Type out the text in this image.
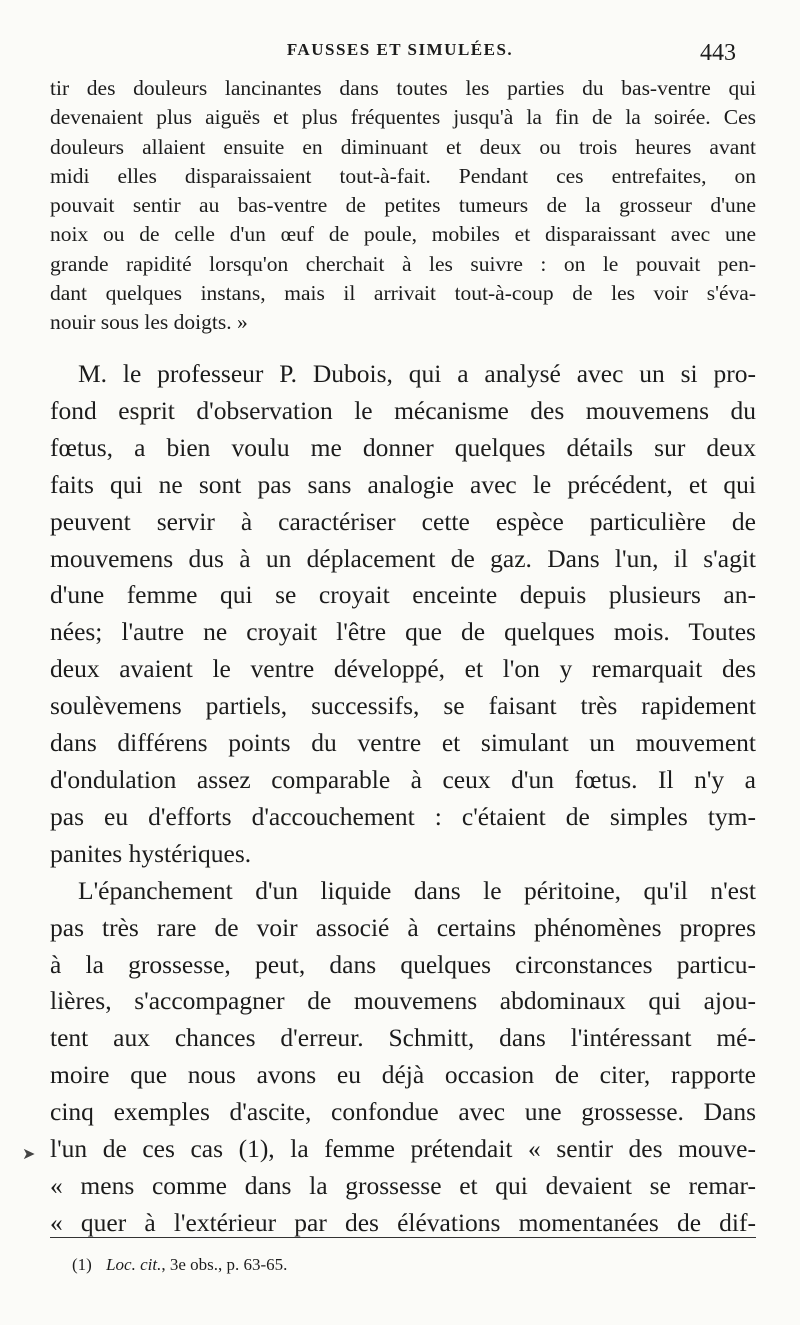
FAUSSES ET SIMULÉES.	443
tir des douleurs lancinantes dans toutes les parties du bas-ventre qui
devenaient plus aiguës et plus fréquentes jusqu'à la fin de la soirée. Ces
douleurs allaient ensuite en diminuant et deux ou trois heures avant
midi elles disparaissaient tout-à-fait. Pendant ces entrefaites, on
pouvait sentir au bas-ventre de petites tumeurs de la grosseur d'une
noix ou de celle d'un œuf de poule, mobiles et disparaissant avec une
grande rapidité lorsqu'on cherchait à les suivre : on le pouvait pen-
dant quelques instans, mais il arrivait tout-à-coup de les voir s'éva-
nouir sous les doigts. »
M. le professeur P. Dubois, qui a analysé avec un si pro-
fond esprit d'observation le mécanisme des mouvemens du
fœtus, a bien voulu me donner quelques détails sur deux
faits qui ne sont pas sans analogie avec le précédent, et qui
peuvent servir à caractériser cette espèce particulière de
mouvemens dus à un déplacement de gaz. Dans l'un, il s'agit
d'une femme qui se croyait enceinte depuis plusieurs an-
nées; l'autre ne croyait l'être que de quelques mois. Toutes
deux avaient le ventre développé, et l'on y remarquait des
soulèvemens partiels, successifs, se faisant très rapidement
dans différens points du ventre et simulant un mouvement
d'ondulation assez comparable à ceux d'un fœtus. Il n'y a
pas eu d'efforts d'accouchement : c'étaient de simples tym-
panites hystériques.
L'épanchement d'un liquide dans le péritoine, qu'il n'est
pas très rare de voir associé à certains phénomènes propres
à la grossesse, peut, dans quelques circonstances particu-
lières, s'accompagner de mouvemens abdominaux qui ajou-
tent aux chances d'erreur. Schmitt, dans l'intéressant mé-
moire que nous avons eu déjà occasion de citer, rapporte
cinq exemples d'ascite, confondue avec une grossesse. Dans
l'un de ces cas (1), la femme prétendait « sentir des mouve-
« mens comme dans la grossesse et qui devaient se remar-
« quer à l'extérieur par des élévations momentanées de dif-
➤
(1) Loc. cit., 3e obs., p. 63-65.
